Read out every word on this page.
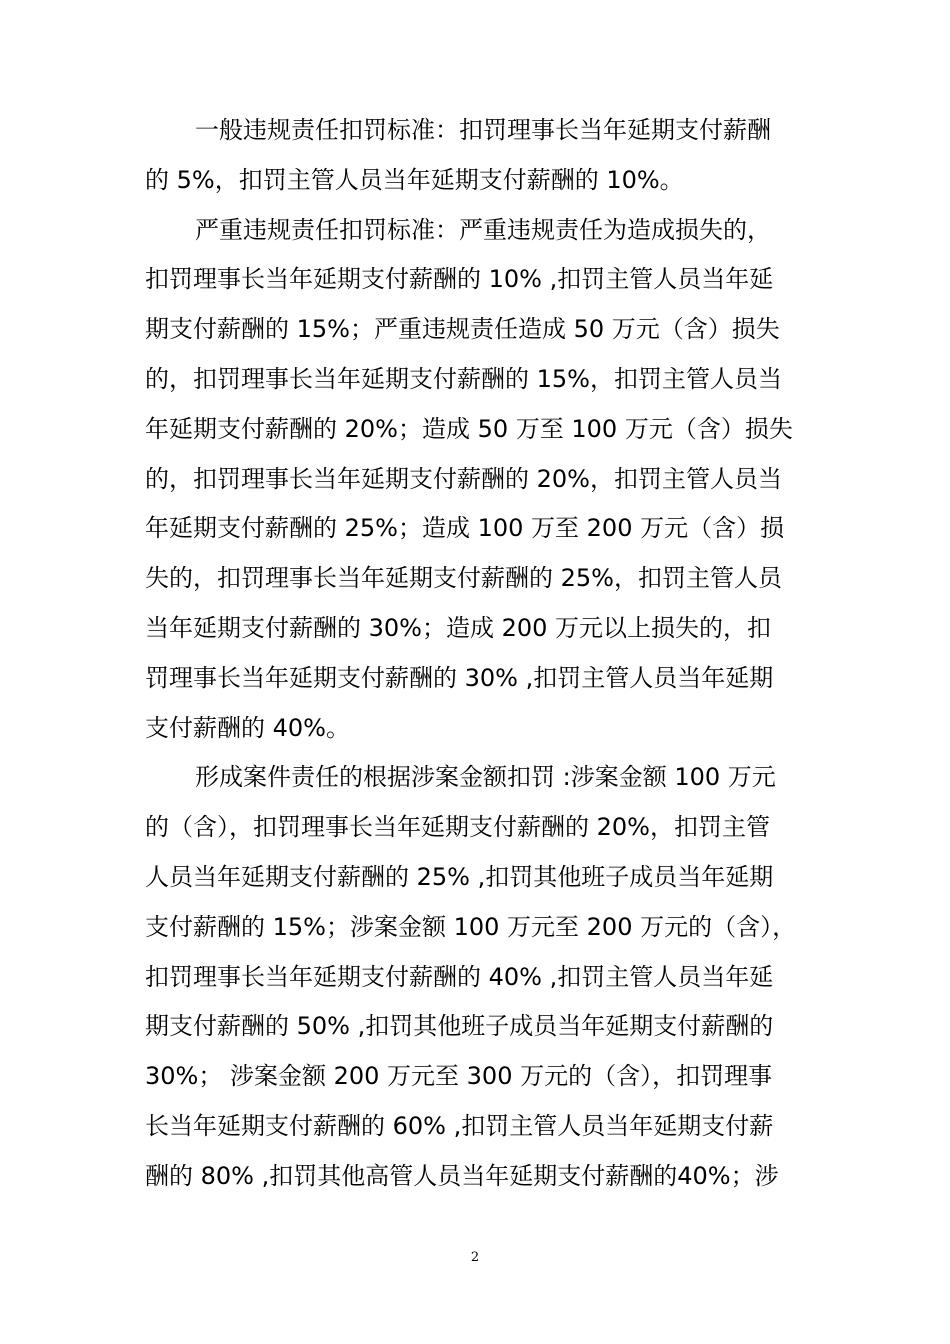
一般违规责任扣罚标准：扣罚理事长当年延期支付薪酬
的 5%，扣罚主管人员当年延期支付薪酬的 10%。
严重违规责任扣罚标准：严重违规责任为造成损失的，
扣罚理事长当年延期支付薪酬的 10% ,扣罚主管人员当年延
期支付薪酬的 15%；严重违规责任造成 50 万元（含）损失
的，扣罚理事长当年延期支付薪酬的 15%，扣罚主管人员当
年延期支付薪酬的 20%；造成 50 万至 100 万元（含）损失
的，扣罚理事长当年延期支付薪酬的 20%，扣罚主管人员当
年延期支付薪酬的 25%；造成 100 万至 200 万元（含）损
失的，扣罚理事长当年延期支付薪酬的 25%，扣罚主管人员
当年延期支付薪酬的 30%；造成 200 万元以上损失的，扣
罚理事长当年延期支付薪酬的 30% ,扣罚主管人员当年延期
支付薪酬的 40%。
形成案件责任的根据涉案金额扣罚 :涉案金额 100 万元
的（含），扣罚理事长当年延期支付薪酬的 20%，扣罚主管
人员当年延期支付薪酬的 25% ,扣罚其他班子成员当年延期
支付薪酬的 15%；涉案金额 100 万元至 200 万元的（含），
扣罚理事长当年延期支付薪酬的 40% ,扣罚主管人员当年延
期支付薪酬的 50% ,扣罚其他班子成员当年延期支付薪酬的
30%； 涉案金额 200 万元至 300 万元的（含），扣罚理事
长当年延期支付薪酬的 60% ,扣罚主管人员当年延期支付薪
酬的 80% ,扣罚其他高管人员当年延期支付薪酬的40%；涉
2
